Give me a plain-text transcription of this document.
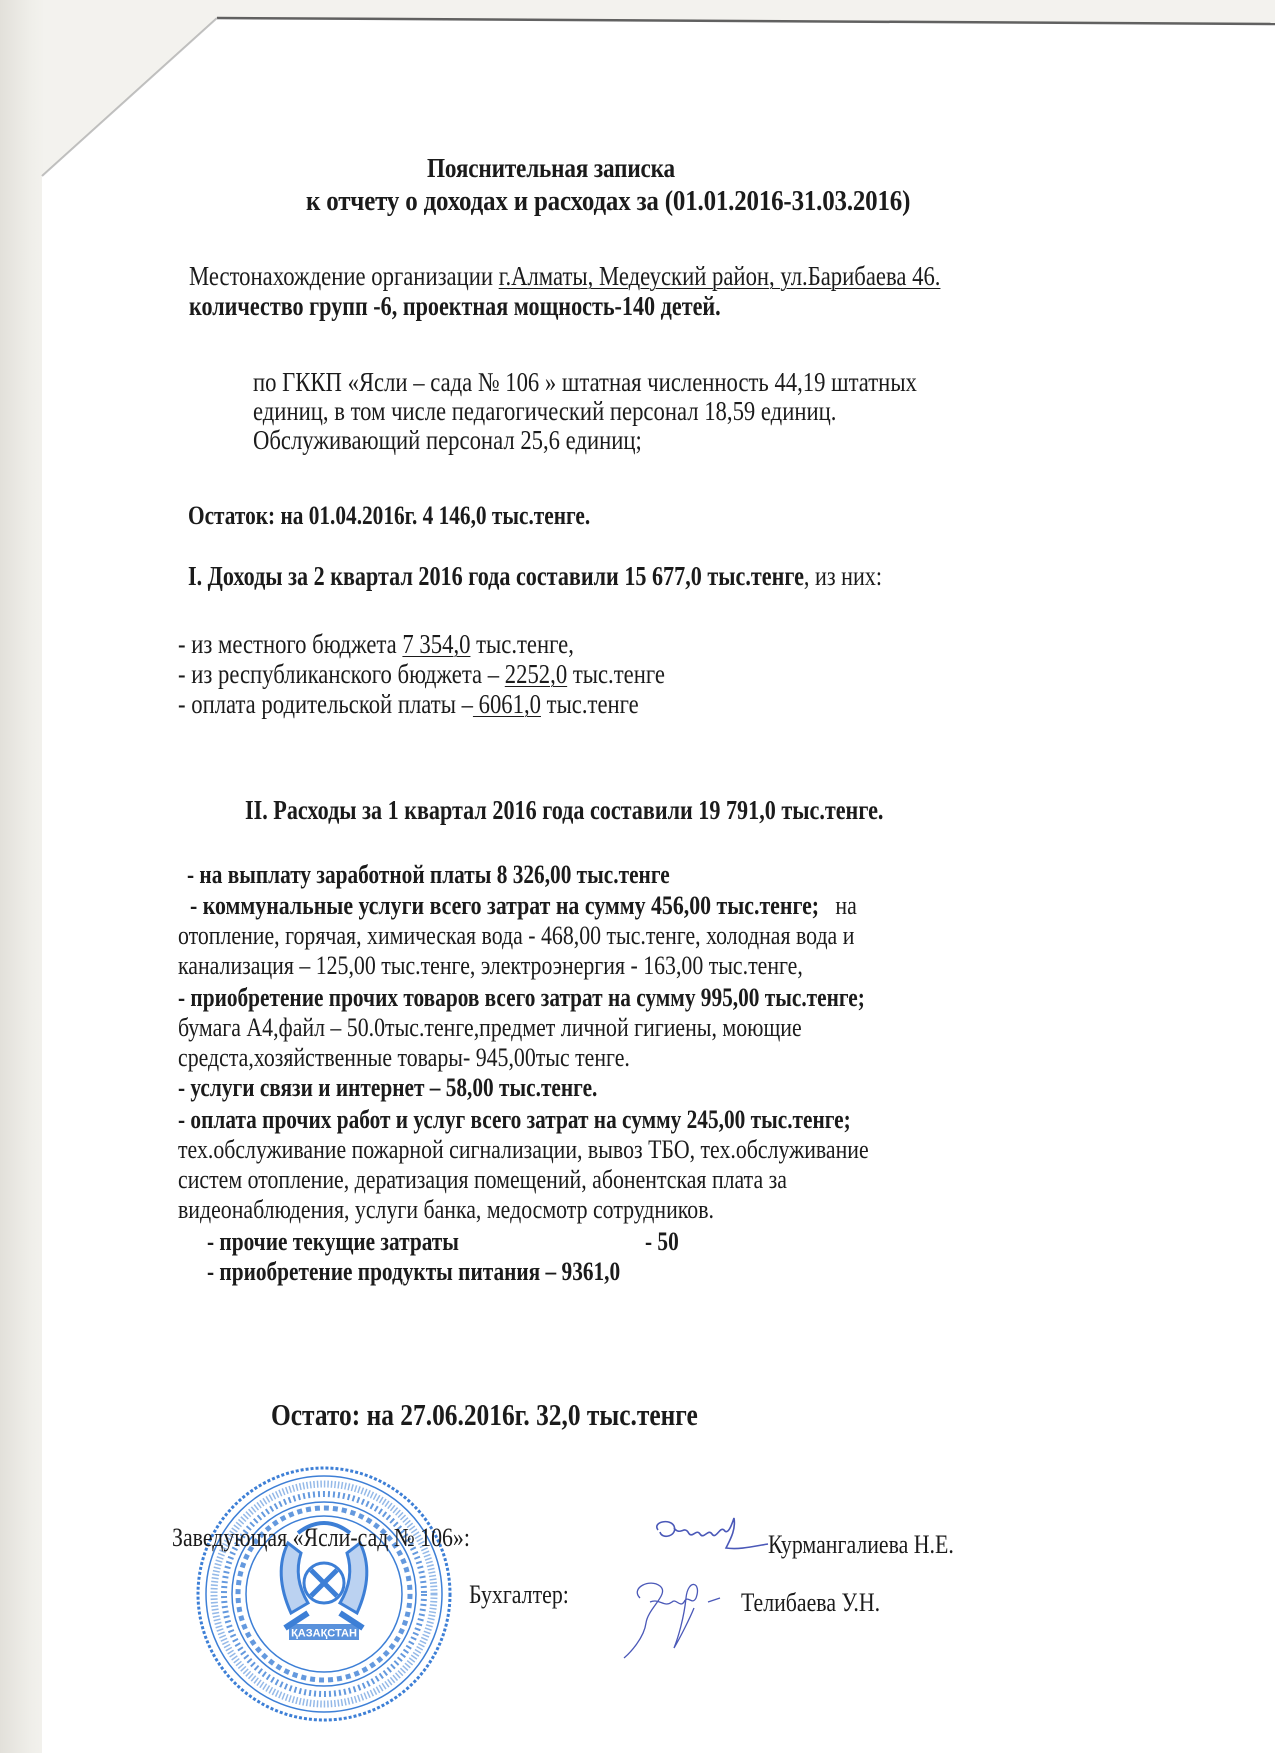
Пояснительная записка
к отчету о доходах и расходах за (01.01.2016-31.03.2016)
Местонахождение организации г.Алматы, Медеуский район, ул.Барибаева 46.
количество групп -6, проектная мощность-140 детей.
по ГККП «Ясли – сада № 106 » штатная численность 44,19 штатных
единиц, в том числе педагогический персонал 18,59 единиц.
Обслуживающий персонал 25,6 единиц;
Остаток: на 01.04.2016г. 4 146,0 тыс.тенге.
I. Доходы за 2 квартал 2016 года составили 15 677,0 тыс.тенге, из них:
- из местного бюджета 7 354,0 тыс.тенге,
- из республиканского бюджета – 2252,0 тыс.тенге
- оплата родительской платы – 6061,0 тыс.тенге
II. Расходы за 1 квартал 2016 года составили 19 791,0 тыс.тенге.
- на выплату заработной платы 8 326,00 тыс.тенге
- коммунальные услуги всего затрат на сумму 456,00 тыс.тенге;   на
отопление, горячая, химическая вода - 468,00 тыс.тенге, холодная вода и
канализация – 125,00 тыс.тенге, электроэнергия - 163,00 тыс.тенге,
- приобретение прочих товаров всего затрат на сумму 995,00 тыс.тенге;
бумага А4,файл – 50.0тыс.тенге,предмет личной гигиены, моющие
средста,хозяйственные товары- 945,00тыс тенге.
- услуги связи и интернет – 58,00 тыс.тенге.
- оплата прочих работ и услуг всего затрат на сумму 245,00 тыс.тенге;
тех.обслуживание пожарной сигнализации, вывоз ТБО, тех.обслуживание
систем отопление, дератизация помещений, абонентская плата за
видеонаблюдения, услуги банка, медосмотр сотрудников.
- прочие текущие затраты	- 50
- приобретение продукты питания – 9361,0
Остато: на 27.06.2016г. 32,0 тыс.тенге
ҚАЗАҚСТАН
Заведующая «Ясли-сад № 106»:	Курмангалиева Н.Е.
Бухгалтер:	Телибаева У.Н.
